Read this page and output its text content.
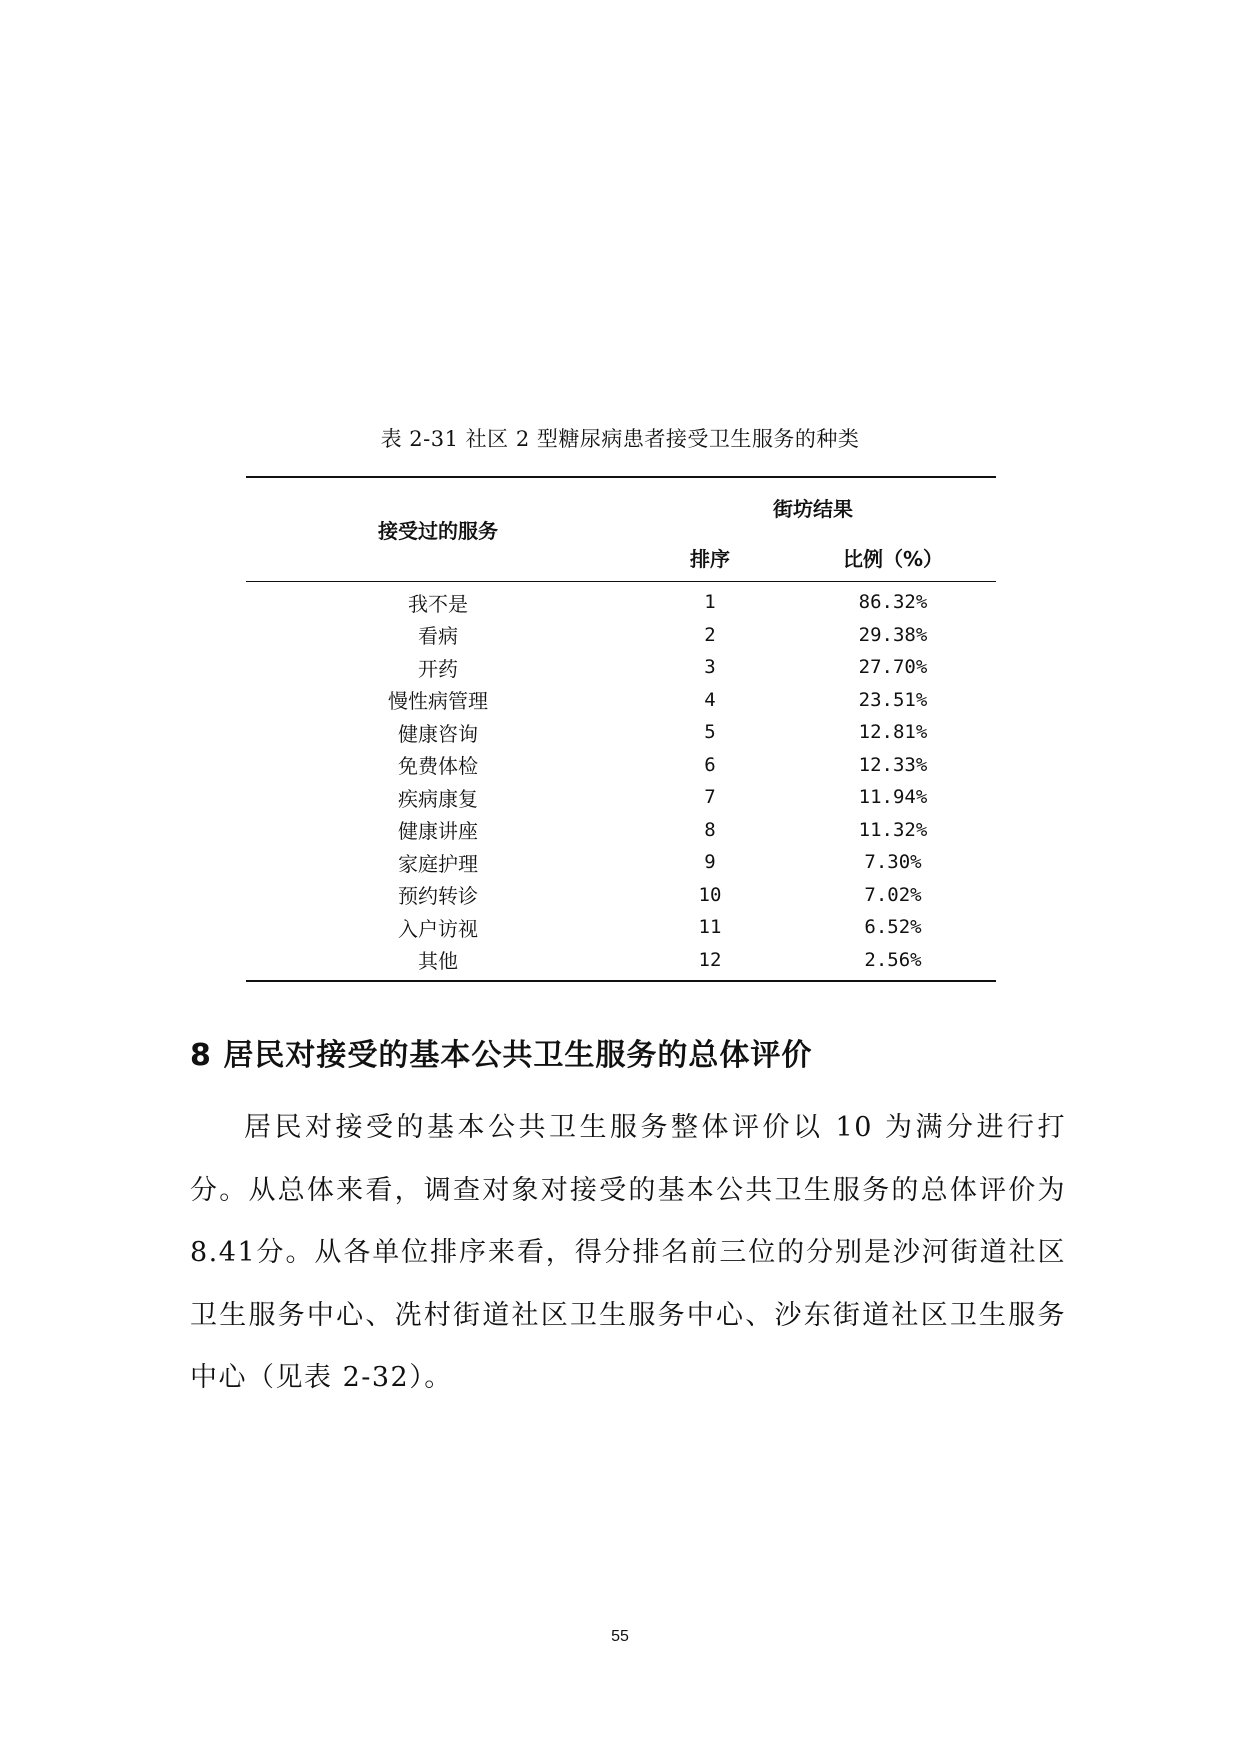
表 2-31 社区 2 型糖尿病患者接受卫生服务的种类
接受过的服务	街坊结果	
	排序	比例（%）
我不是	1	86.32%
看病	2	29.38%
开药	3	27.70%
慢性病管理	4	23.51%
健康咨询	5	12.81%
免费体检	6	12.33%
疾病康复	7	11.94%
健康讲座	8	11.32%
家庭护理	9	7.30%
预约转诊	10	7.02%
入户访视	11	6.52%
其他	12	2.56%
8 居民对接受的基本公共卫生服务的总体评价
居民对接受的基本公共卫生服务整体评价以 10 为满分进行打分。从总体来看，调查对象对接受的基本公共卫生服务的总体评价为8.41分。从各单位排序来看，得分排名前三位的分别是沙河街道社区卫生服务中心、冼村街道社区卫生服务中心、沙东街道社区卫生服务中心（见表 2-32）。
55
